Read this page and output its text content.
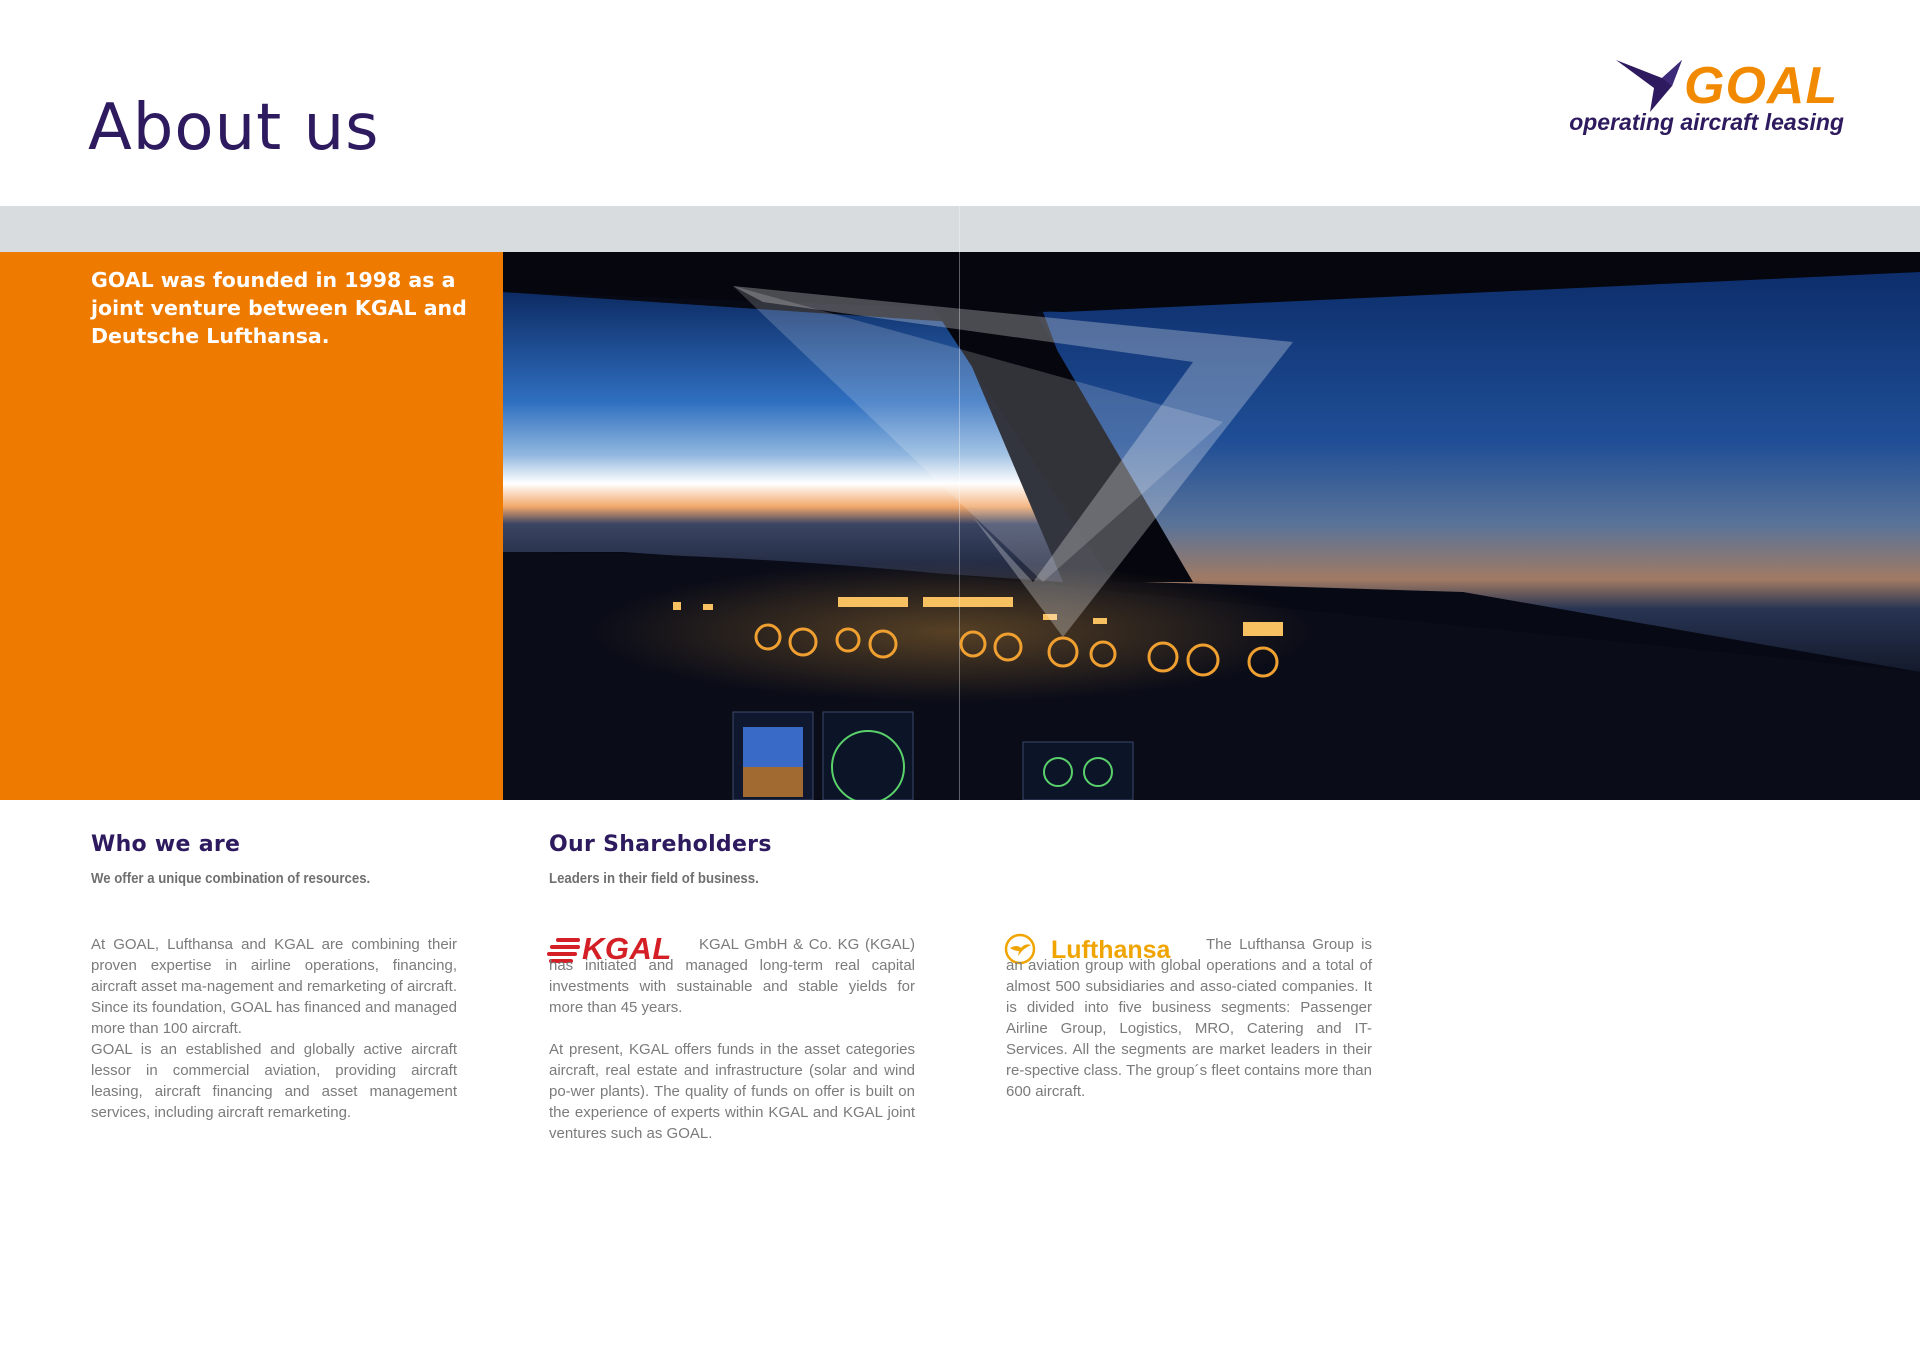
About us
GOAL
operating aircraft leasing

GOAL was founded in 1998 as a joint venture between KGAL and Deutsche Lufthansa.

Who we are

We offer a unique combination of resources.

At GOAL, Lufthansa and KGAL are combining their proven expertise in airline operations, financing, aircraft asset ma-nagement and remarketing of aircraft. Since its foundation, GOAL has financed and managed more than 100 aircraft.

GOAL is an established and globally active aircraft lessor in commercial aviation, providing aircraft leasing, aircraft financing and asset management services, including aircraft remarketing.

Our Shareholders

Leaders in their field of business.

KGAL	KGAL GmbH & Co. KG (KGAL) has initiated and managed long-term real capital investments with sustainable and stable yields for more than 45 years.

At present, KGAL offers funds in the asset categories aircraft, real estate and infrastructure (solar and wind po-wer plants). The quality of funds on offer is built on the experience of experts within KGAL and KGAL joint ventures such as GOAL.

Lufthansa	The Lufthansa Group is an aviation group with global operations and a total of almost 500 subsidiaries and asso-ciated companies. It is divided into five business segments: Passenger Airline Group, Logistics, MRO, Catering and IT-Services. All the segments are market leaders in their re-spective class. The group´s fleet contains more than 600 aircraft.
